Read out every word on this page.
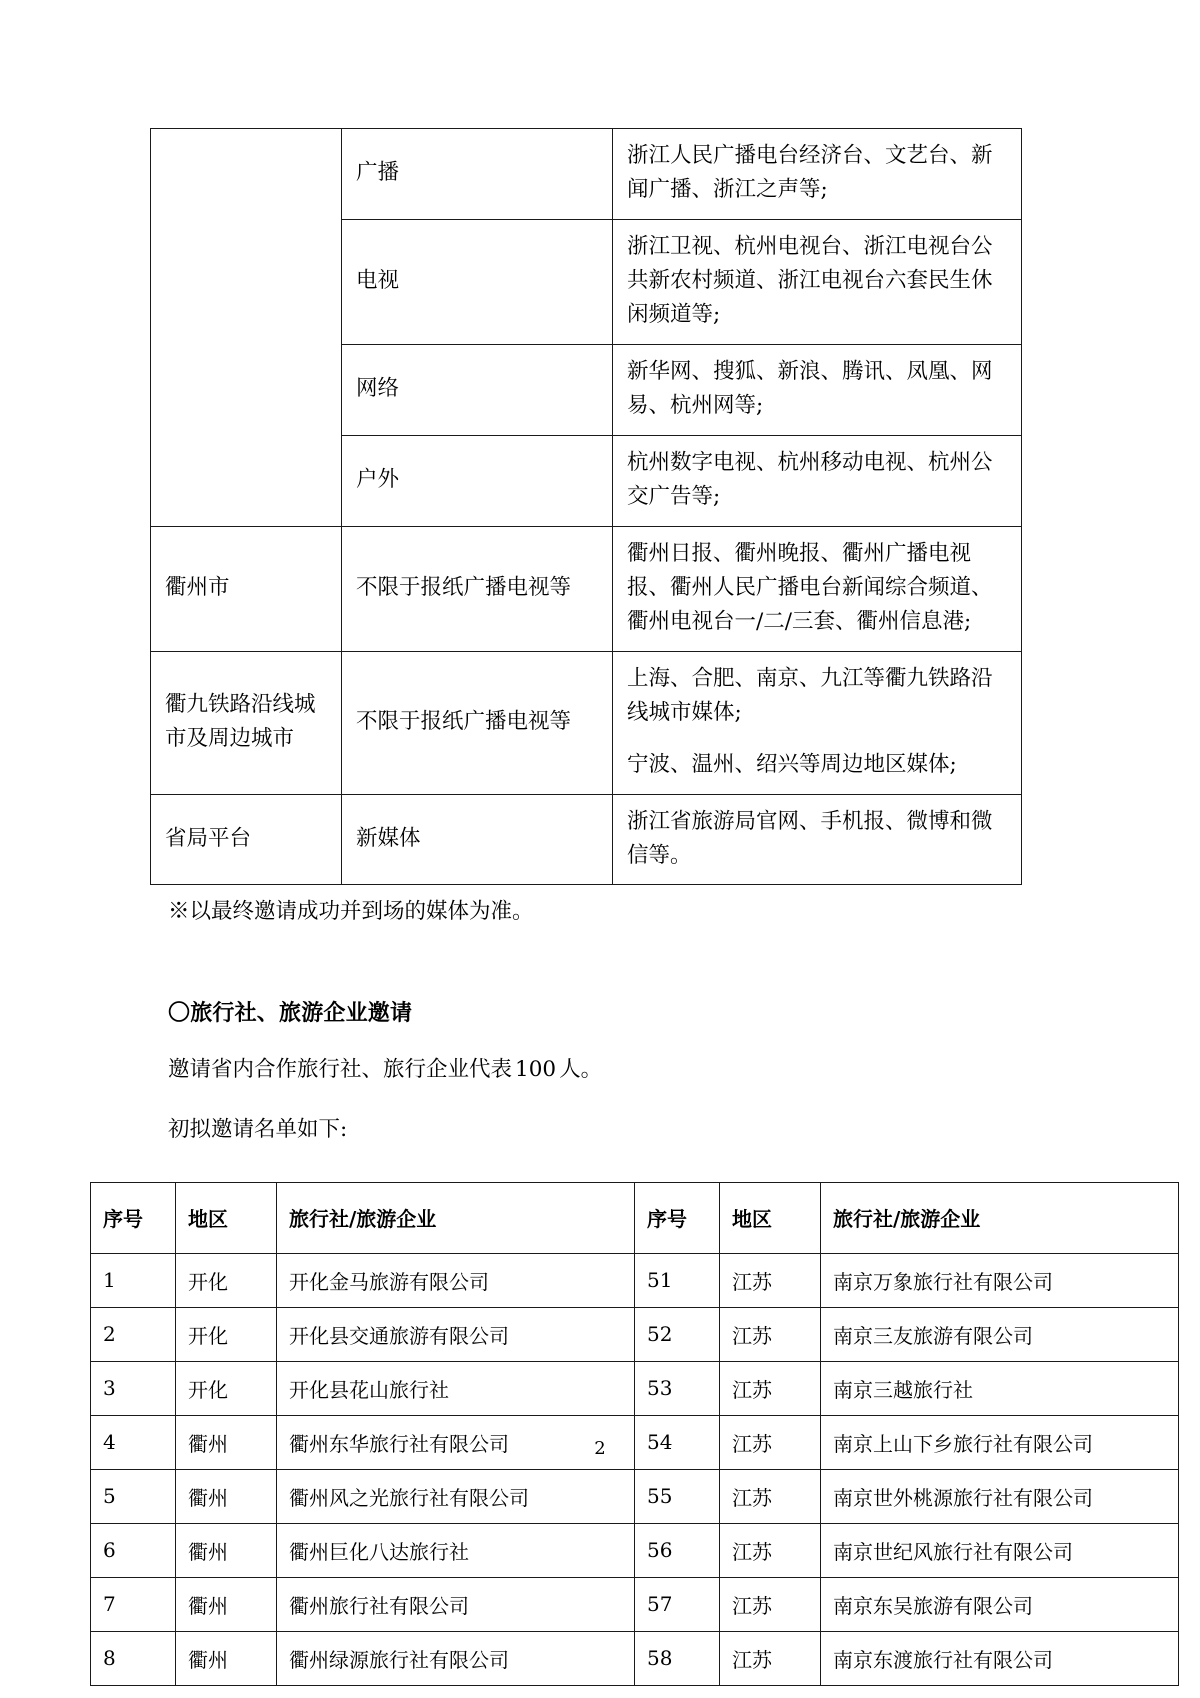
	广播	浙江人民广播电台经济台、文艺台、新闻广播、浙江之声等;

	电视	浙江卫视、杭州电视台、浙江电视台公共新农村频道、浙江电视台六套民生休闲频道等;

	网络	新华网、搜狐、新浪、腾讯、凤凰、网易、杭州网等;

	户外	杭州数字电视、杭州移动电视、杭州公交广告等;

衢州市	不限于报纸广播电视等	衢州日报、衢州晚报、衢州广播电视报、衢州人民广播电台新闻综合频道、衢州电视台一/二/三套、衢州信息港;

衢九铁路沿线城市及周边城市	不限于报纸广播电视等	上海、合肥、南京、九江等衢九铁路沿线城市媒体;

宁波、温州、绍兴等周边地区媒体;

省局平台	新媒体	浙江省旅游局官网、手机报、微博和微信等。

※以最终邀请成功并到场的媒体为准。
〇旅行社、旅游企业邀请

邀请省内合作旅行社、旅行企业代表 100 人。

初拟邀请名单如下:

序号	地区	旅行社/旅游企业	序号	地区	旅行社/旅游企业
1	开化	开化金马旅游有限公司	51	江苏	南京万象旅行社有限公司
2	开化	开化县交通旅游有限公司	52	江苏	南京三友旅游有限公司
3	开化	开化县花山旅行社	53	江苏	南京三越旅行社
4	衢州	衢州东华旅行社有限公司	54	江苏	南京上山下乡旅行社有限公司
5	衢州	衢州风之光旅行社有限公司	55	江苏	南京世外桃源旅行社有限公司
6	衢州	衢州巨化八达旅行社	56	江苏	南京世纪风旅行社有限公司
7	衢州	衢州旅行社有限公司	57	江苏	南京东吴旅游有限公司
8	衢州	衢州绿源旅行社有限公司	58	江苏	南京东渡旅行社有限公司
2
